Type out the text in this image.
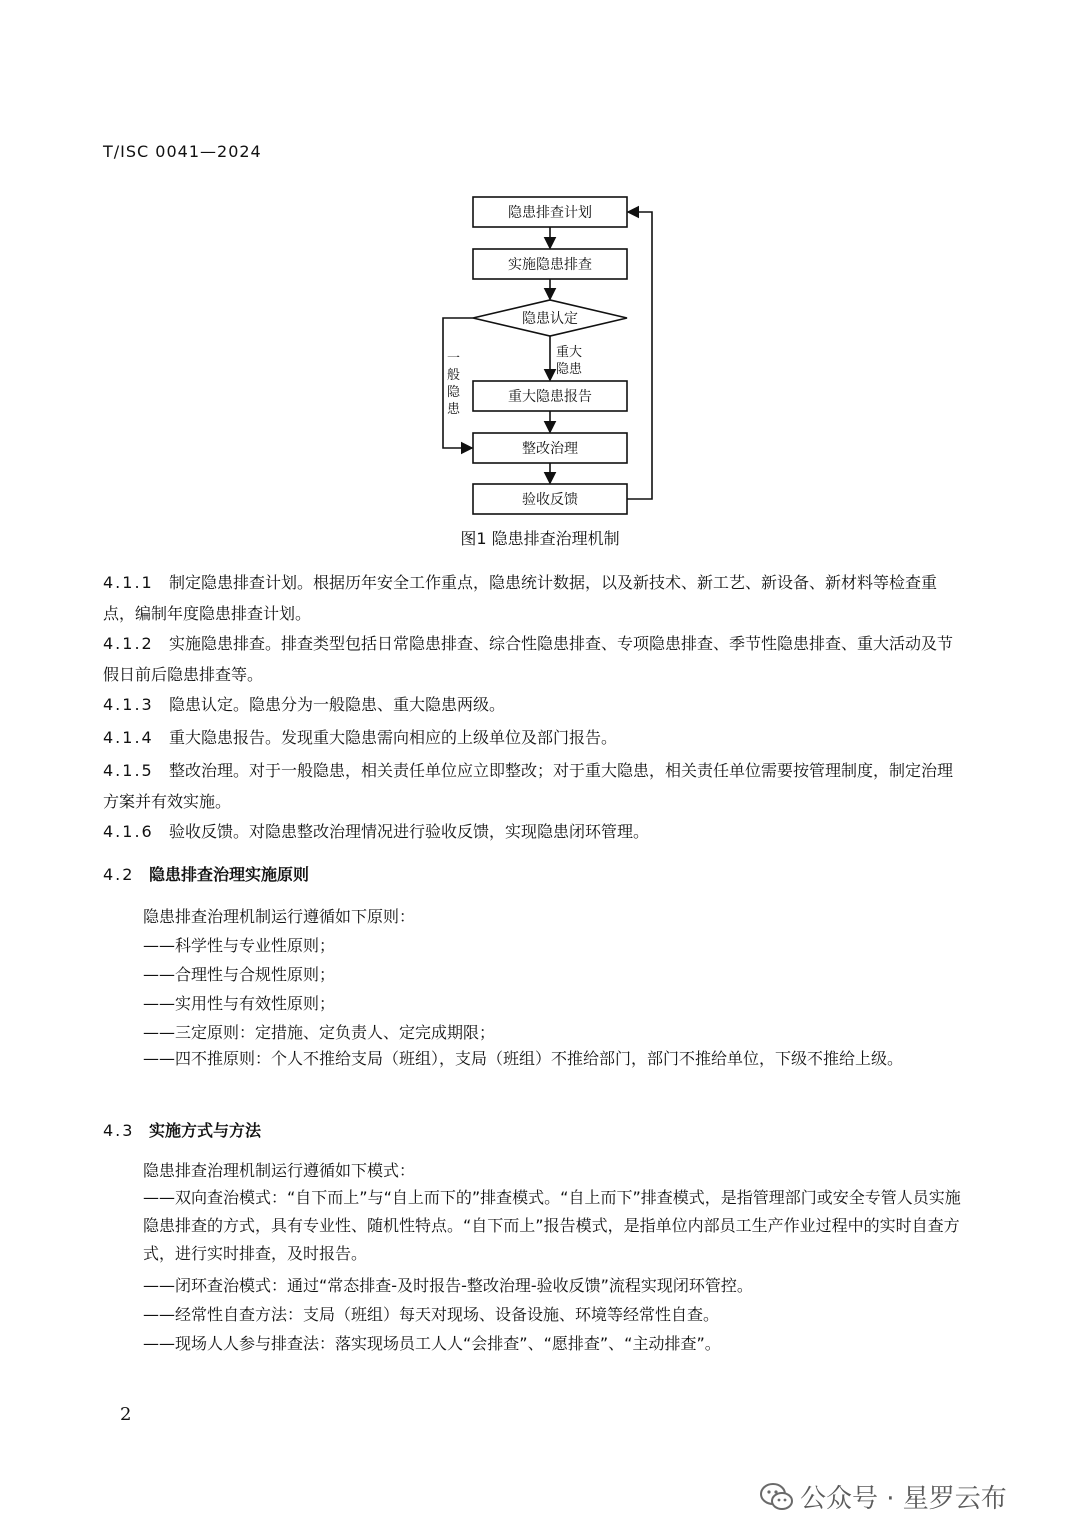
T/ISC 0041—2024
隐患排查计划
实施隐患排查
隐患认定
重大隐患报告
整改治理
验收反馈
重大
隐患
一
般
隐
患
图1 隐患排查治理机制
4.1.1 制定隐患排查计划。根据历年安全工作重点，隐患统计数据，以及新技术、新工艺、新设备、新材料等检查重点，编制年度隐患排查计划。
4.1.2 实施隐患排查。排查类型包括日常隐患排查、综合性隐患排查、专项隐患排查、季节性隐患排查、重大活动及节假日前后隐患排查等。
4.1.3 隐患认定。隐患分为一般隐患、重大隐患两级。
4.1.4 重大隐患报告。发现重大隐患需向相应的上级单位及部门报告。
4.1.5 整改治理。对于一般隐患，相关责任单位应立即整改；对于重大隐患，相关责任单位需要按管理制度，制定治理方案并有效实施。
4.1.6 验收反馈。对隐患整改治理情况进行验收反馈，实现隐患闭环管理。
4.2 隐患排查治理实施原则
隐患排查治理机制运行遵循如下原则：
——科学性与专业性原则；
——合理性与合规性原则；
——实用性与有效性原则；
——三定原则：定措施、定负责人、定完成期限；
——四不推原则：个人不推给支局（班组），支局（班组）不推给部门，部门不推给单位，下级不推给上级。
4.3 实施方式与方法
隐患排查治理机制运行遵循如下模式：
——双向查治模式：“自下而上”与“自上而下的”排查模式。“自上而下”排查模式，是指管理部门或安全专管人员实施隐患排查的方式，具有专业性、随机性特点。“自下而上”报告模式，是指单位内部员工生产作业过程中的实时自查方式，进行实时排查，及时报告。
——闭环查治模式：通过“常态排查-及时报告-整改治理-验收反馈”流程实现闭环管控。
——经常性自查方法：支局（班组）每天对现场、设备设施、环境等经常性自查。
——现场人人参与排查法：落实现场员工人人“会排查”、“愿排查”、“主动排查”。
2
公众号 · 星罗云布
